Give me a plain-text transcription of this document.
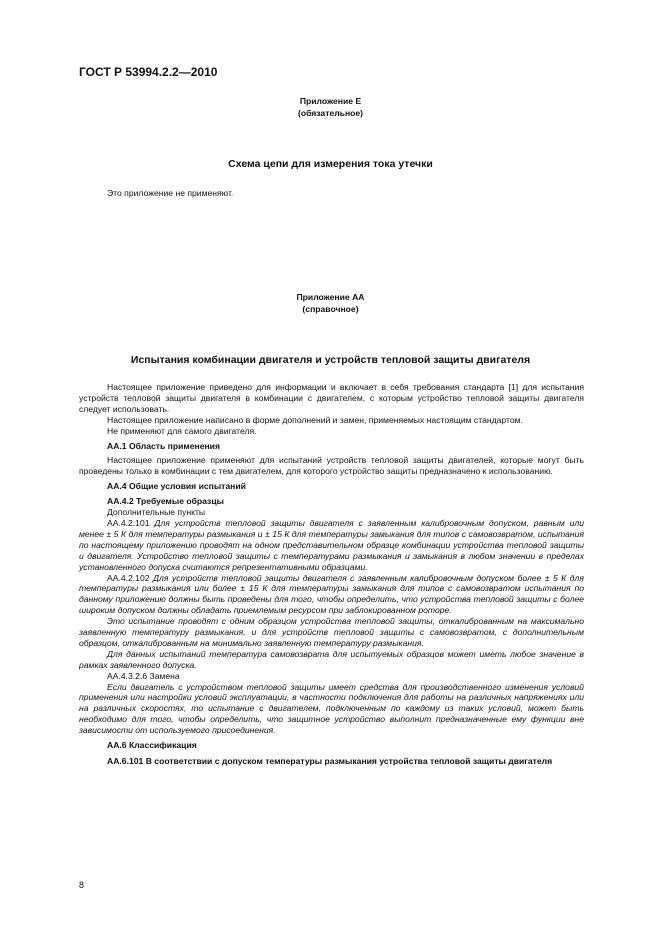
ГОСТ Р 53994.2.2—2010
Приложение Е
(обязательное)
Схема цепи для измерения тока утечки
Это приложение не применяют.
Приложение АА
(справочное)
Испытания комбинации двигателя и устройств тепловой защиты двигателя

Настоящее приложение приведено для информации и включает в себя требования стандарта [1] для испытания устройств тепловой защиты двигателя в комбинации с двигателем, с которым устройство тепловой защиты двигателя следует использовать.

Настоящее приложение написано в форме дополнений и замен, применяемых настоящим стандартом.

Не применяют для самого двигателя.

АА.1 Область применения

Настоящее приложение применяют для испытаний устройств тепловой защиты двигателей, которые могут быть проведены только в комбинации с тем двигателем, для которого устройство защиты предназначено к использованию.

АА.4 Общие условия испытаний

АА.4.2 Требуемые образцы

Дополнительные пункты

АА.4.2.101 Для устройств тепловой защиты двигателя с заявленным калибровочным допуском, равным или менее ± 5 К для температуры размыкания и ± 15 К для температуры замыкания для типов с самовозвратом, испытания по настоящему приложению проводят на одном представительном образце комбинации устройства тепловой защиты и двигателя. Устройство тепловой защиты с температурами размыкания и замыкания в любом значении в пределах установленного допуска считаются репрезентативными образцами.

АА.4.2.102 Для устройств тепловой защиты двигателя с заявленным калибровочным допуском более ± 5 К для температуры размыкания или более ± 15 К для температуры замыкания для типов с самовозвратом испытания по данному приложению должны быть проведены для того, чтобы определить, что устройства тепловой защиты с более широким допуском должны обладать приемлемым ресурсом при заблокированном роторе.

Это испытание проводят с одним образцом устройства тепловой защиты, откалиброванным на максимально заявленную температуру размыкания, и для устройств тепловой защиты с самовозвратом, с дополнительным образцом, откалиброванным на минимально заявленную температуру размыкания.

Для данных испытаний температура самовозврата для испытуемых образцов может иметь любое значение в рамках заявленного допуска.

АА.4.3.2.6 Замена

Если двигатель с устройством тепловой защиты имеет средства для производственного изменения условий применения или настройки условий эксплуатации, в частности подключения для работы на различных напряжениях или на различных скоростях, то испытание с двигателем, подключенным по каждому из таких условий, может быть необходимо для того, чтобы определить, что защитное устройство выполнит предназначенные ему функции вне зависимости от используемого присоединения.

АА.6 Классификация

АА.6.101 В соответствии с допуском температуры размыкания устройства тепловой защиты двигателя

8
